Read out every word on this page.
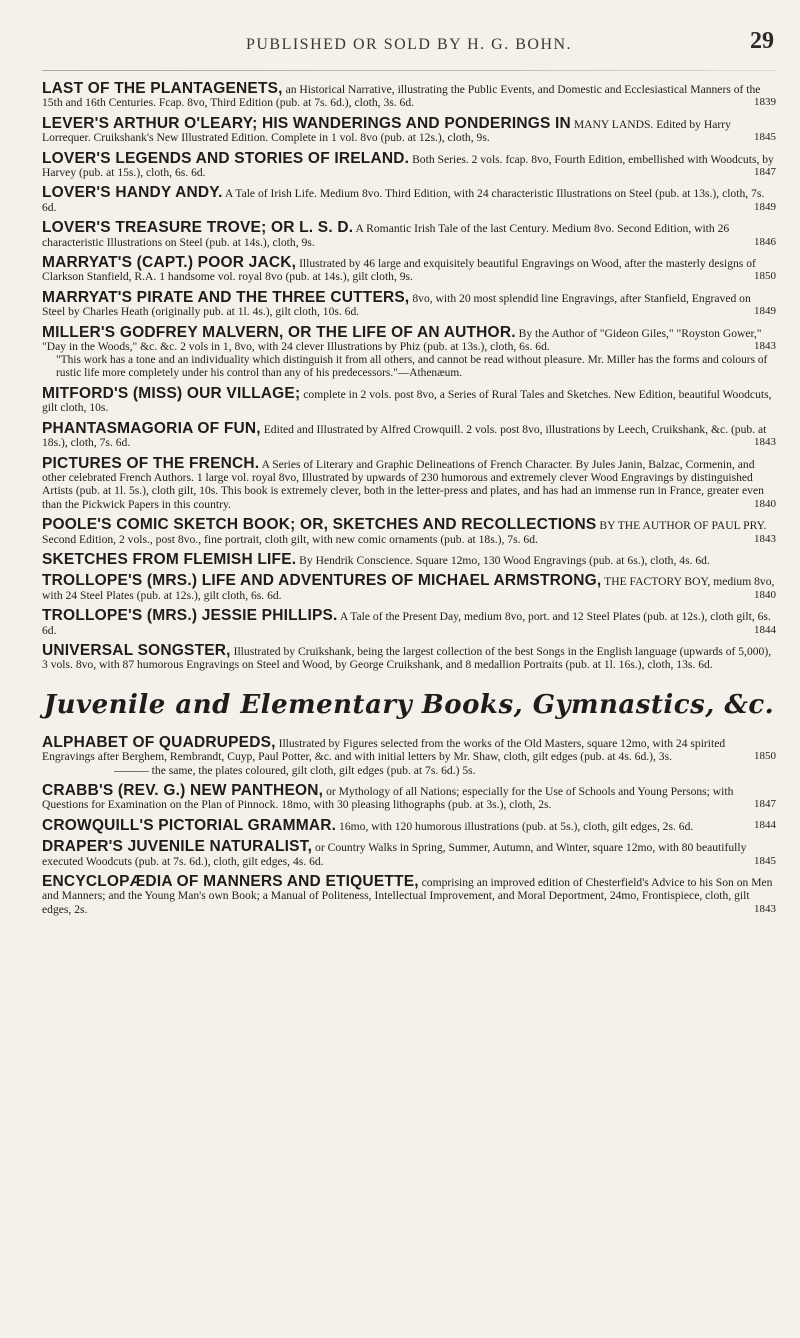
PUBLISHED OR SOLD BY H. G. BOHN.	29
LAST OF THE PLANTAGENETS, an Historical Narrative, illustrating the Public Events, and Domestic and Ecclesiastical Manners of the 15th and 16th Centuries. Fcap. 8vo, Third Edition (pub. at 7s. 6d.), cloth, 3s. 6d.	1839
LEVER'S ARTHUR O'LEARY; HIS WANDERINGS AND PONDERINGS IN MANY LANDS. Edited by Harry Lorrequer. Cruikshank's New Illustrated Edition. Complete in 1 vol. 8vo (pub. at 12s.), cloth, 9s.	1845
LOVER'S LEGENDS AND STORIES OF IRELAND. Both Series. 2 vols. fcap. 8vo, Fourth Edition, embellished with Woodcuts, by Harvey (pub. at 15s.), cloth, 6s. 6d.	1847
LOVER'S HANDY ANDY. A Tale of Irish Life. Medium 8vo. Third Edition, with 24 characteristic Illustrations on Steel (pub. at 13s.), cloth, 7s. 6d.	1849
LOVER'S TREASURE TROVE; OR L. S. D. A Romantic Irish Tale of the last Century. Medium 8vo. Second Edition, with 26 characteristic Illustrations on Steel (pub. at 14s.), cloth, 9s.	1846
MARRYAT'S (CAPT.) POOR JACK, Illustrated by 46 large and exquisitely beautiful Engravings on Wood, after the masterly designs of Clarkson Stanfield, R.A. 1 handsome vol. royal 8vo (pub. at 14s.), gilt cloth, 9s.	1850
MARRYAT'S PIRATE AND THE THREE CUTTERS, 8vo, with 20 most splendid line Engravings, after Stanfield, Engraved on Steel by Charles Heath (originally pub. at 1l. 4s.), gilt cloth, 10s. 6d.	1849
MILLER'S GODFREY MALVERN, OR THE LIFE OF AN AUTHOR. By the Author of "Gideon Giles," "Royston Gower," "Day in the Woods," &c. &c. 2 vols in 1, 8vo, with 24 clever Illustrations by Phiz (pub. at 13s.), cloth, 6s. 6d.	1843
"This work has a tone and an individuality which distinguish it from all others, and cannot be read without pleasure. Mr. Miller has the forms and colours of rustic life more completely under his control than any of his predecessors."—Athenæum.
MITFORD'S (MISS) OUR VILLAGE; complete in 2 vols. post 8vo, a Series of Rural Tales and Sketches. New Edition, beautiful Woodcuts, gilt cloth, 10s.
PHANTASMAGORIA OF FUN, Edited and Illustrated by Alfred Crowquill. 2 vols. post 8vo, illustrations by Leech, Cruikshank, &c. (pub. at 18s.), cloth, 7s. 6d.	1843
PICTURES OF THE FRENCH. A Series of Literary and Graphic Delineations of French Character. By Jules Janin, Balzac, Cormenin, and other celebrated French Authors. 1 large vol. royal 8vo, Illustrated by upwards of 230 humorous and extremely clever Wood Engravings by distinguished Artists (pub. at 1l. 5s.), cloth gilt, 10s. This book is extremely clever, both in the letter-press and plates, and has had an immense run in France, greater even than the Pickwick Papers in this country.	1840
POOLE'S COMIC SKETCH BOOK; OR, SKETCHES AND RECOLLECTIONS BY THE AUTHOR OF PAUL PRY. Second Edition, 2 vols., post 8vo., fine portrait, cloth gilt, with new comic ornaments (pub. at 18s.), 7s. 6d.	1843
SKETCHES FROM FLEMISH LIFE. By Hendrik Conscience. Square 12mo, 130 Wood Engravings (pub. at 6s.), cloth, 4s. 6d.
TROLLOPE'S (MRS.) LIFE AND ADVENTURES OF MICHAEL ARMSTRONG, THE FACTORY BOY, medium 8vo, with 24 Steel Plates (pub. at 12s.), gilt cloth, 6s. 6d.	1840
TROLLOPE'S (MRS.) JESSIE PHILLIPS. A Tale of the Present Day, medium 8vo, port. and 12 Steel Plates (pub. at 12s.), cloth gilt, 6s. 6d.	1844
UNIVERSAL SONGSTER, Illustrated by Cruikshank, being the largest collection of the best Songs in the English language (upwards of 5,000), 3 vols. 8vo, with 87 humorous Engravings on Steel and Wood, by George Cruikshank, and 8 medallion Portraits (pub. at 1l. 16s.), cloth, 13s. 6d.
Juvenile and Elementary Books, Gymnastics, &c.
ALPHABET OF QUADRUPEDS, Illustrated by Figures selected from the works of the Old Masters, square 12mo, with 24 spirited Engravings after Berghem, Rembrandt, Cuyp, Paul Potter, &c. and with initial letters by Mr. Shaw, cloth, gilt edges (pub. at 4s. 6d.), 3s.	1850
——— the same, the plates coloured, gilt cloth, gilt edges (pub. at 7s. 6d.) 5s.
CRABB'S (REV. G.) NEW PANTHEON, or Mythology of all Nations; especially for the Use of Schools and Young Persons; with Questions for Examination on the Plan of Pinnock. 18mo, with 30 pleasing lithographs (pub. at 3s.), cloth, 2s.	1847
CROWQUILL'S PICTORIAL GRAMMAR. 16mo, with 120 humorous illustrations (pub. at 5s.), cloth, gilt edges, 2s. 6d.	1844
DRAPER'S JUVENILE NATURALIST, or Country Walks in Spring, Summer, Autumn, and Winter, square 12mo, with 80 beautifully executed Woodcuts (pub. at 7s. 6d.), cloth, gilt edges, 4s. 6d.	1845
ENCYCLOPÆDIA OF MANNERS AND ETIQUETTE, comprising an improved edition of Chesterfield's Advice to his Son on Men and Manners; and the Young Man's own Book; a Manual of Politeness, Intellectual Improvement, and Moral Deportment, 24mo, Frontispiece, cloth, gilt edges, 2s.	1843
